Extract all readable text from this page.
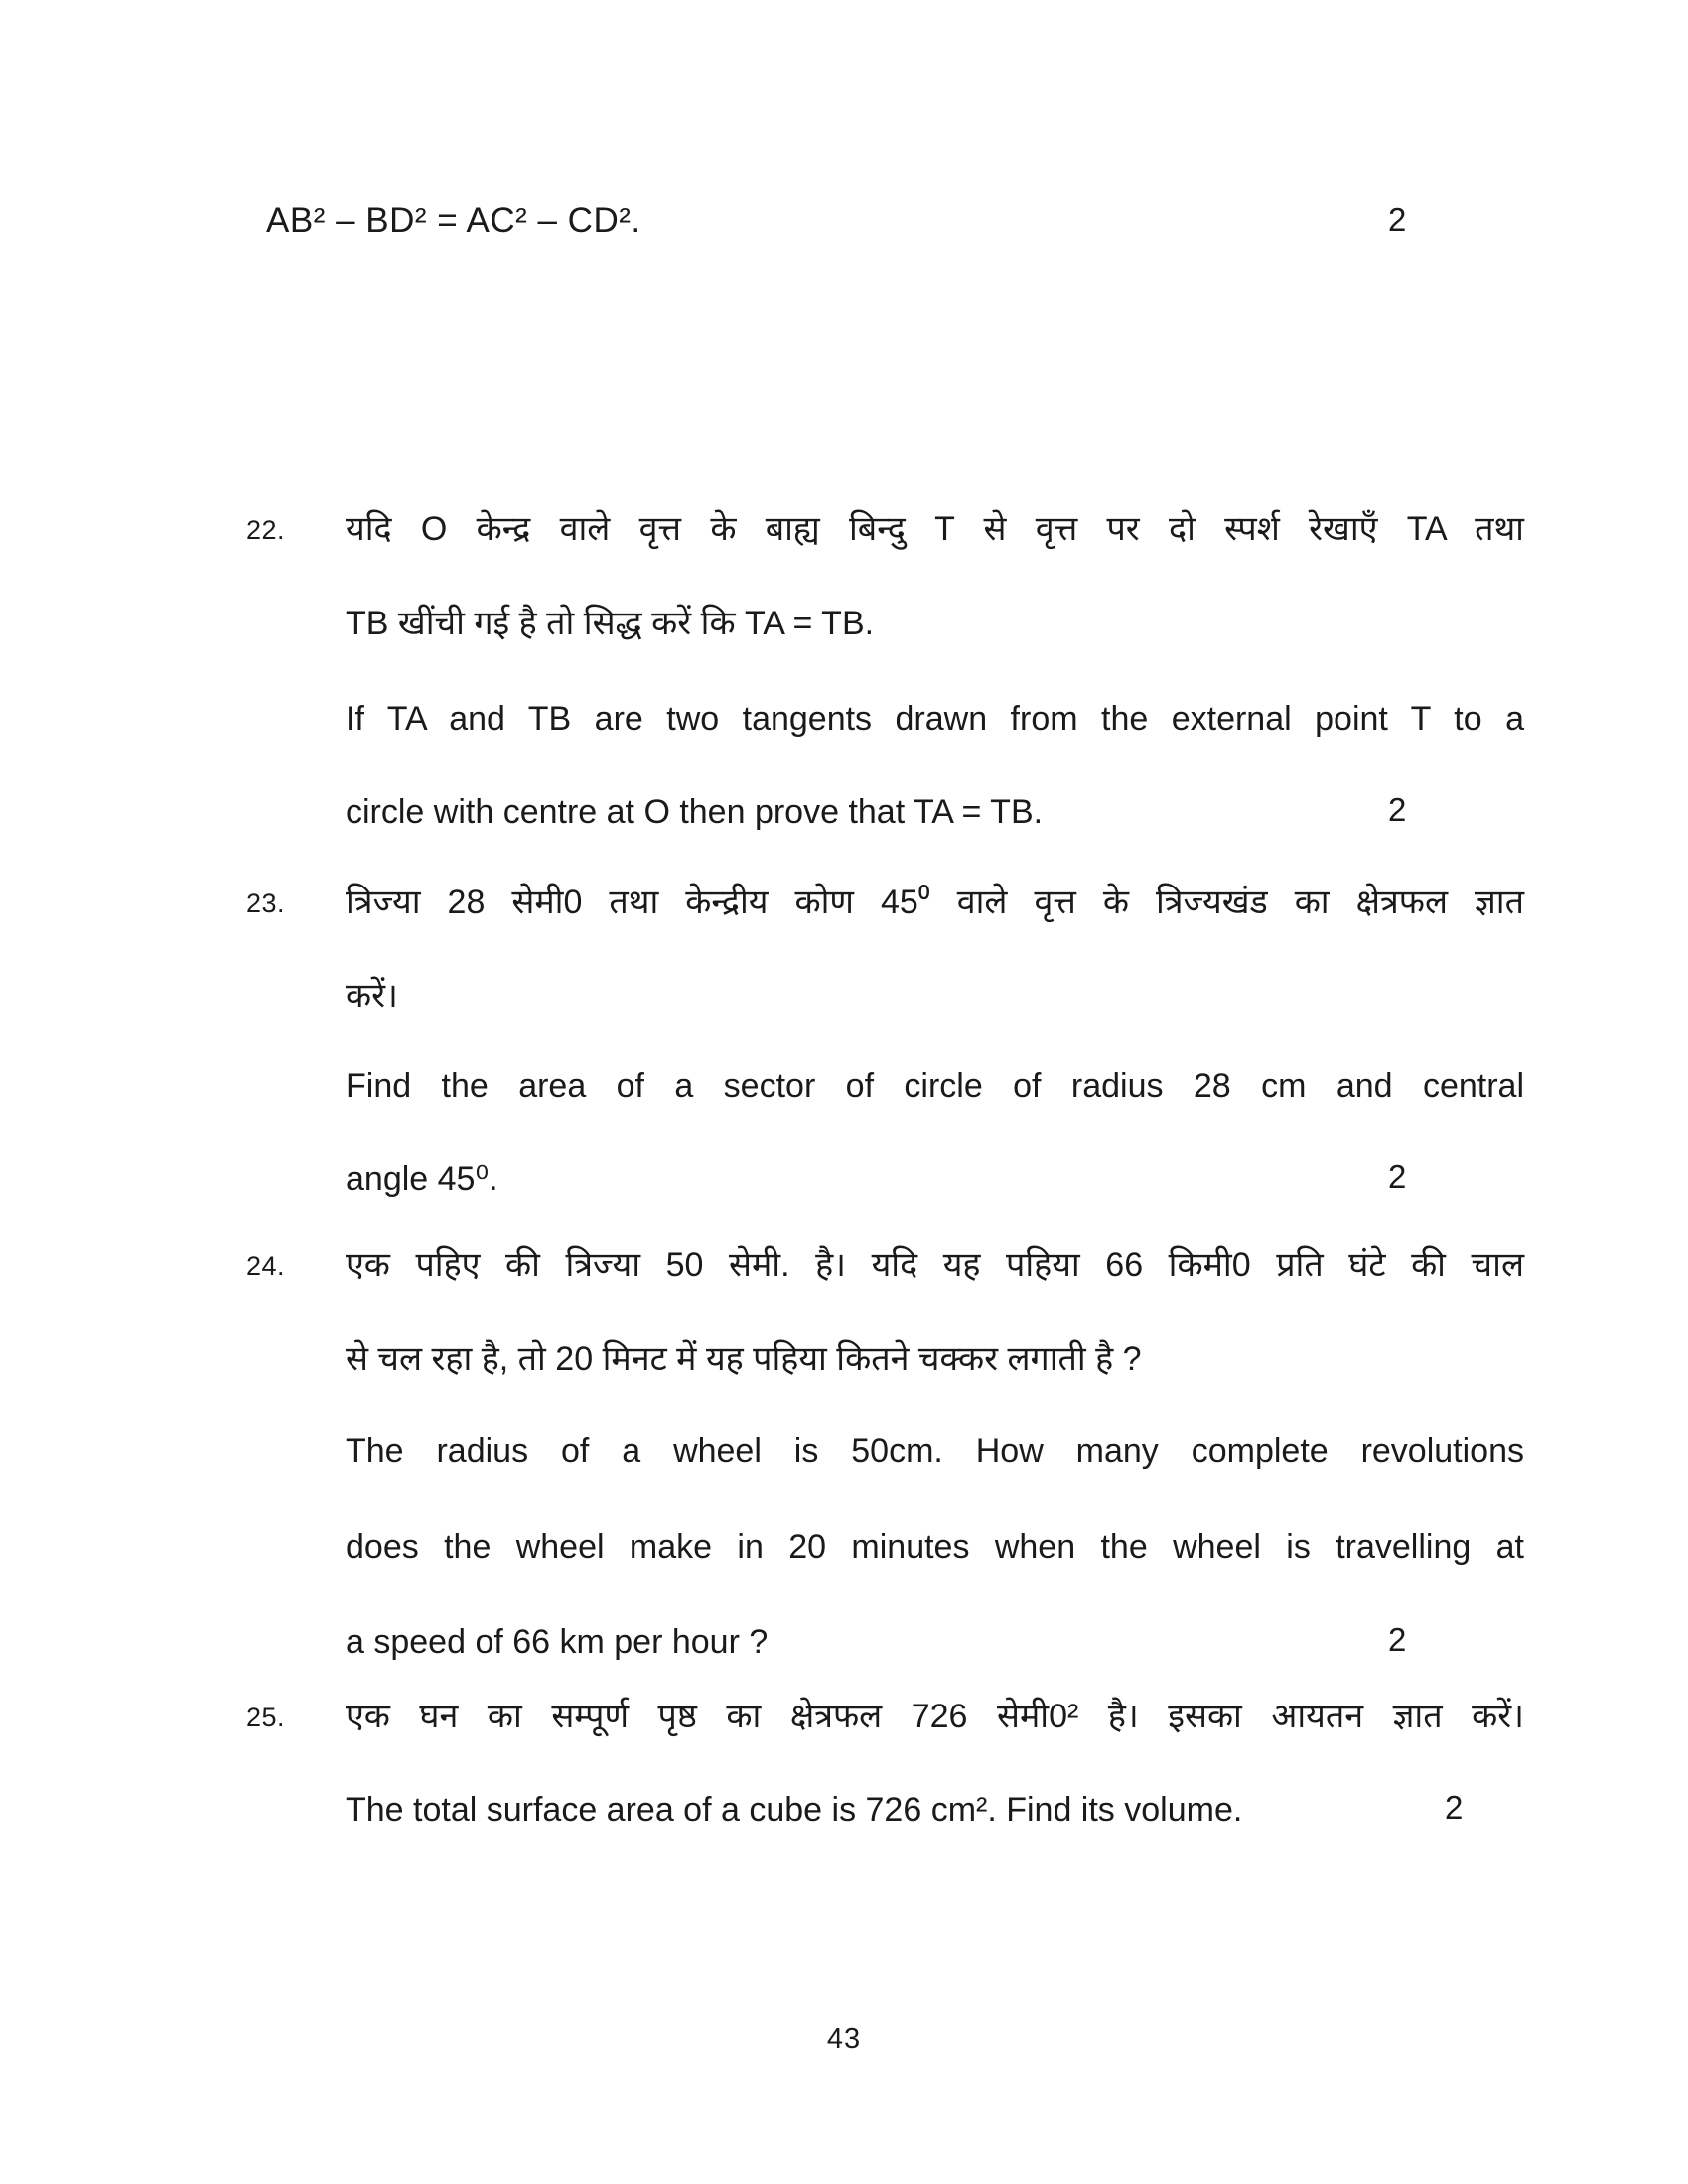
AB² – BD² = AC² – CD².	2
22. यदि O केन्द्र वाले वृत्त के बाह्य बिन्दु T से वृत्त पर दो स्पर्श रेखाएँ TA तथा
TB खींची गई है तो सिद्ध करें कि TA = TB.
If TA and TB are two tangents drawn from the external point T to a
circle with centre at O then prove that TA = TB.	2
23. त्रिज्या 28 सेमी0 तथा केन्द्रीय कोण 45⁰ वाले वृत्त के त्रिज्यखंड का क्षेत्रफल ज्ञात
करें।
Find the area of a sector of circle of radius 28 cm and central
angle 45⁰.	2
24. एक पहिए की त्रिज्या 50 सेमी. है। यदि यह पहिया 66 किमी0 प्रति घंटे की चाल
से चल रहा है, तो 20 मिनट में यह पहिया कितने चक्कर लगाती है ?
The radius of a wheel is 50cm. How many complete revolutions
does the wheel make in 20 minutes when the wheel is travelling at
a speed of 66 km per hour ?	2
25. एक घन का सम्पूर्ण पृष्ठ का क्षेत्रफल 726 सेमी0² है। इसका आयतन ज्ञात करें।
The total surface area of a cube is 726 cm². Find its volume.	2
43
